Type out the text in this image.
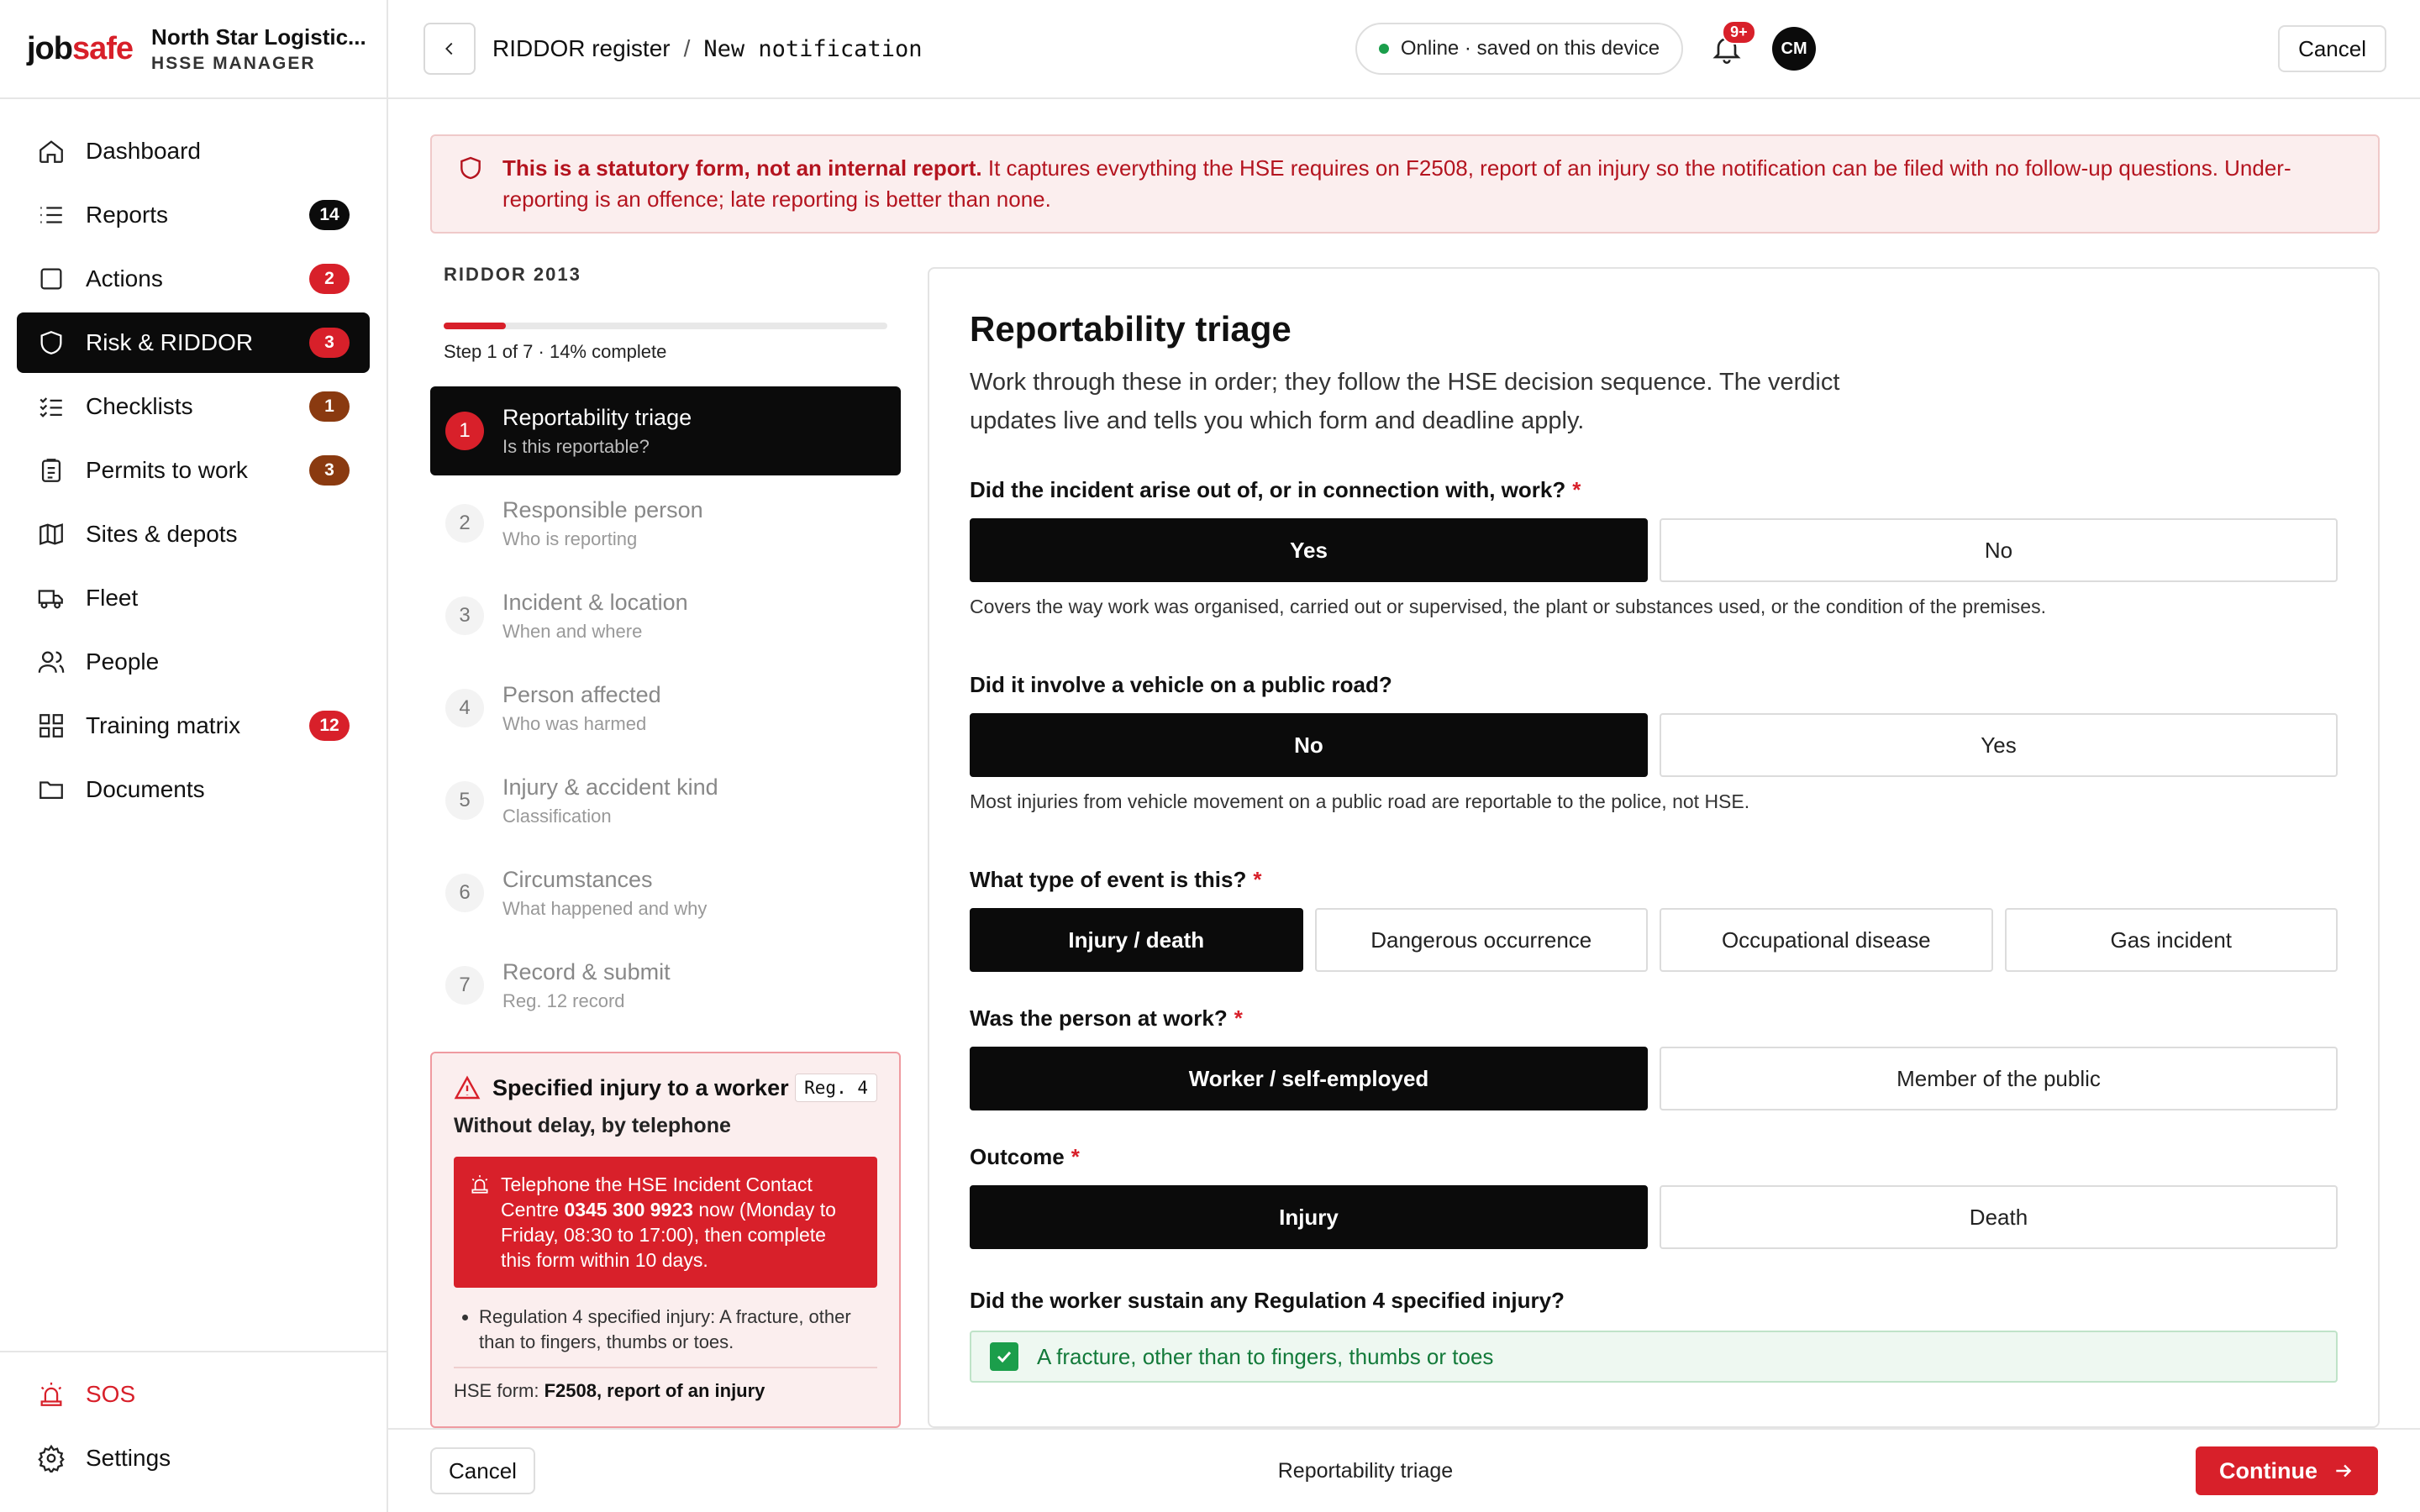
jobsafe North Star Logistic...
HSSE MANAGER
Dashboard
Reports	14
Actions	2
Risk & RIDDOR	3
Checklists	1
Permits to work	3
Sites & depots
Fleet
People
Training matrix	12
Documents
SOS
Settings
RIDDOR register / New notification	Online · saved on this device
9+
CM	Cancel
This is a statutory form, not an internal report. It captures everything the HSE requires on F2508, report of an injury so the notification can be filed with no follow-up questions. Under-reporting is an offence; late reporting is better than none.
RIDDOR 2013
Step 1 of 7 · 14% complete
1
Reportability triage
Is this reportable?
2
Responsible person
Who is reporting
3
Incident & location
When and where
4
Person affected
Who was harmed
5
Injury & accident kind
Classification
6
Circumstances
What happened and why
7
Record & submit
Reg. 12 record
Specified injury to a worker Reg. 4
Without delay, by telephone
Telephone the HSE Incident Contact Centre 0345 300 9923 now (Monday to Friday, 08:30 to 17:00), then complete this form within 10 days.
• Regulation 4 specified injury: A fracture, other than to fingers, thumbs or toes.
HSE form: F2508, report of an injury
Reportability triage

Work through these in order; they follow the HSE decision sequence. The verdict updates live and tells you which form and deadline apply.

Did the incident arise out of, or in connection with, work? *
Yes	No
Covers the way work was organised, carried out or supervised, the plant or substances used, or the condition of the premises.
Did it involve a vehicle on a public road?
No	Yes
Most injuries from vehicle movement on a public road are reportable to the police, not HSE.
What type of event is this? *
Injury / death	Dangerous occurrence	Occupational disease	Gas incident
Was the person at work? *
Worker / self-employed	Member of the public
Outcome *
Injury	Death
Did the worker sustain any Regulation 4 specified injury?
A fracture, other than to fingers, thumbs or toes
Cancel	Reportability triage	Continue
